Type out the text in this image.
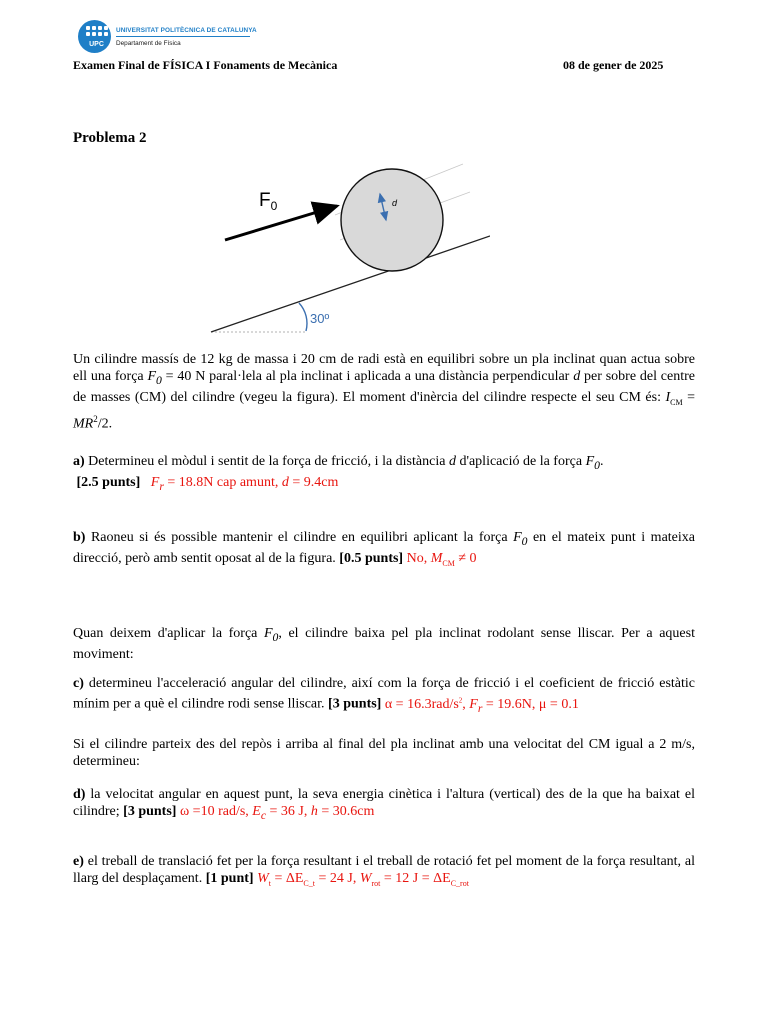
UPC
UNIVERSITAT POLITÈCNICA DE CATALUNYA
Departament de Física
Examen Final de FÍSICA I Fonaments de Mecànica	08 de gener de 2025
Problema 2
$F_0$	d
30º
Un cilindre massís de 12 kg de massa i 20 cm de radi està en equilibri sobre un pla inclinat quan actua sobre ell una força $F_0 = 40$ N paral·lela al pla inclinat i aplicada a una distància perpendicular d per sobre del centre de masses (CM) del cilindre (vegeu la figura). El moment d'inèrcia del cilindre respecte el seu CM és: $I_{CM} = MR^2/2$.
a) Determineu el mòdul i sentit de la força de fricció, i la distància d d'aplicació de la força $F_0$.
[2.5 punts] $F_r = 18.8N$ cap amunt, d = 9.4cm
b) Raoneu si és possible mantenir el cilindre en equilibri aplicant la força $F_0$ en el mateix punt i mateixa direcció, però amb sentit oposat al de la figura. [0.5 punts] No, $M_{CM} \ne 0$
Quan deixem d'aplicar la força $F_0$, el cilindre baixa pel pla inclinat rodolant sense lliscar. Per a aquest moviment:
c) determineu l'acceleració angular del cilindre, així com la força de fricció i el coeficient de fricció estàtic mínim per a què el cilindre rodi sense lliscar. [3 punts] $\alpha = 16.3rad/s^2$, $F_r = 19.6N$, μ = 0.1
Si el cilindre parteix des del repòs i arriba al final del pla inclinat amb una velocitat del CM igual a 2 m/s, determineu:
d) la velocitat angular en aquest punt, la seva energia cinètica i l'altura (vertical) des de la que ha baixat el cilindre; [3 punts] ω =10 rad/s, $E_c = 36$ J, h = 30.6cm
e) el treball de translació fet per la força resultant i el treball de rotació fet pel moment de la força resultant, al llarg del desplaçament. [1 punt] $W_t = \Delta E_{C\_t} = 24$ J, $W_{rot} = 12$ $J = \Delta E_{C\_rot}$
